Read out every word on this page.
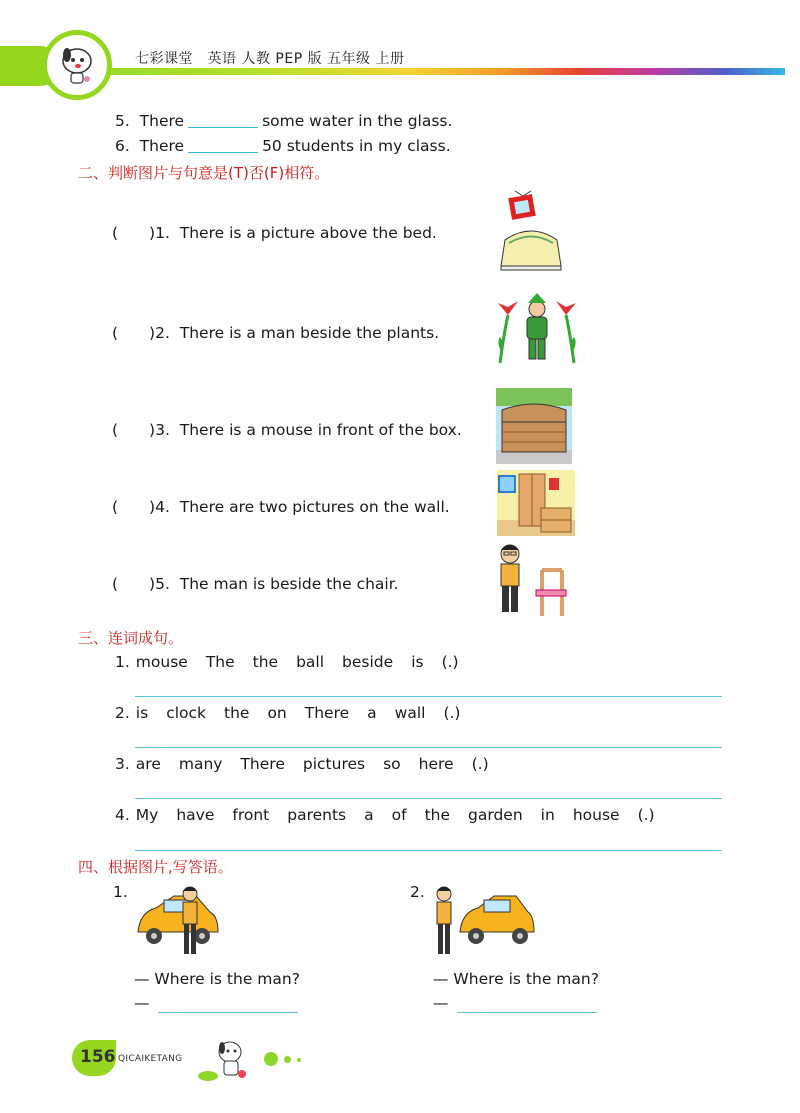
七彩课堂　英语 人教 PEP 版 五年级 上册
5. There	some water in the glass.
6. There	50 students in my class.
二、判断图片与句意是(T)否(F)相符。
(　　)1. There is a picture above the bed.
(　　)2. There is a man beside the plants.
(　　)3. There is a mouse in front of the box.
(　　)4. There are two pictures on the wall.
(　　)5. The man is beside the chair.
三、连词成句。
1. mouse The the ball beside is (.)
2. is clock the on There a wall (.)
3. are many There pictures so here (.)
4. My have front parents a of the garden in house (.)
四、根据图片,写答语。
1.
— Where is the man?
—
2.
— Where is the man?
—
156 QICAIKETANG
